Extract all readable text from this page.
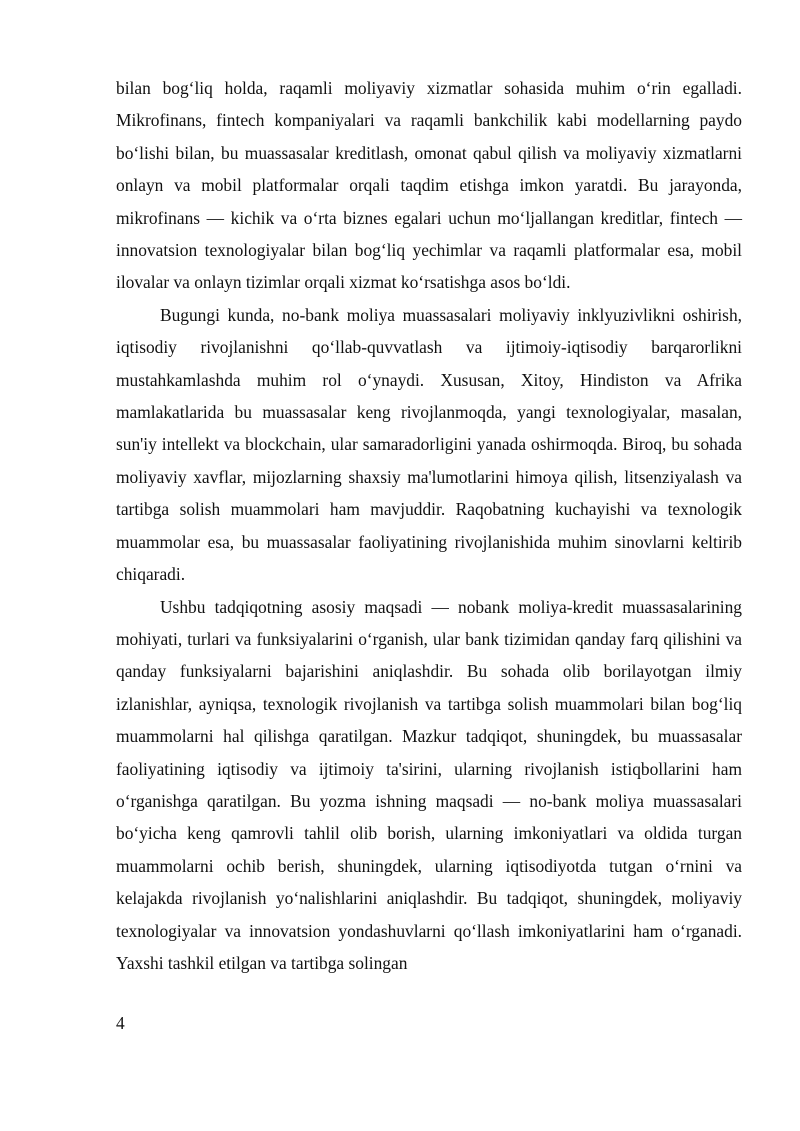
bilan bog‘liq holda, raqamli moliyaviy xizmatlar sohasida muhim o‘rin egalladi. Mikrofinans, fintech kompaniyalari va raqamli bankchilik kabi modellarning paydo bo‘lishi bilan, bu muassasalar kreditlash, omonat qabul qilish va moliyaviy xizmatlarni onlayn va mobil platformalar orqali taqdim etishga imkon yaratdi. Bu jarayonda, mikrofinans — kichik va o‘rta biznes egalari uchun mo‘ljallangan kreditlar, fintech — innovatsion texnologiyalar bilan bog‘liq yechimlar va raqamli platformalar esa, mobil ilovalar va onlayn tizimlar orqali xizmat ko‘rsatishga asos bo‘ldi.

Bugungi kunda, no-bank moliya muassasalari moliyaviy inklyuzivlikni oshirish, iqtisodiy rivojlanishni qo‘llab-quvvatlash va ijtimoiy-iqtisodiy barqarorlikni mustahkamlashda muhim rol o‘ynaydi. Xususan, Xitoy, Hindiston va Afrika mamlakatlarida bu muassasalar keng rivojlanmoqda, yangi texnologiyalar, masalan, sun'iy intellekt va blockchain, ular samaradorligini yanada oshirmoqda. Biroq, bu sohada moliyaviy xavflar, mijozlarning shaxsiy ma'lumotlarini himoya qilish, litsenziyalash va tartibga solish muammolari ham mavjuddir. Raqobatning kuchayishi va texnologik muammolar esa, bu muassasalar faoliyatining rivojlanishida muhim sinovlarni keltirib chiqaradi.

Ushbu tadqiqotning asosiy maqsadi — nobank moliya-kredit muassasalarining mohiyati, turlari va funksiyalarini o‘rganish, ular bank tizimidan qanday farq qilishini va qanday funksiyalarni bajarishini aniqlashdir. Bu sohada olib borilayotgan ilmiy izlanishlar, ayniqsa, texnologik rivojlanish va tartibga solish muammolari bilan bog‘liq muammolarni hal qilishga qaratilgan. Mazkur tadqiqot, shuningdek, bu muassasalar faoliyatining iqtisodiy va ijtimoiy ta'sirini, ularning rivojlanish istiqbollarini ham o‘rganishga qaratilgan. Bu yozma ishning maqsadi — no-bank moliya muassasalari bo‘yicha keng qamrovli tahlil olib borish, ularning imkoniyatlari va oldida turgan muammolarni ochib berish, shuningdek, ularning iqtisodiyotda tutgan o‘rnini va kelajakda rivojlanish yo‘nalishlarini aniqlashdir. Bu tadqiqot, shuningdek, moliyaviy texnologiyalar va innovatsion yondashuvlarni qo‘llash imkoniyatlarini ham o‘rganadi. Yaxshi tashkil etilgan va tartibga solingan

4
